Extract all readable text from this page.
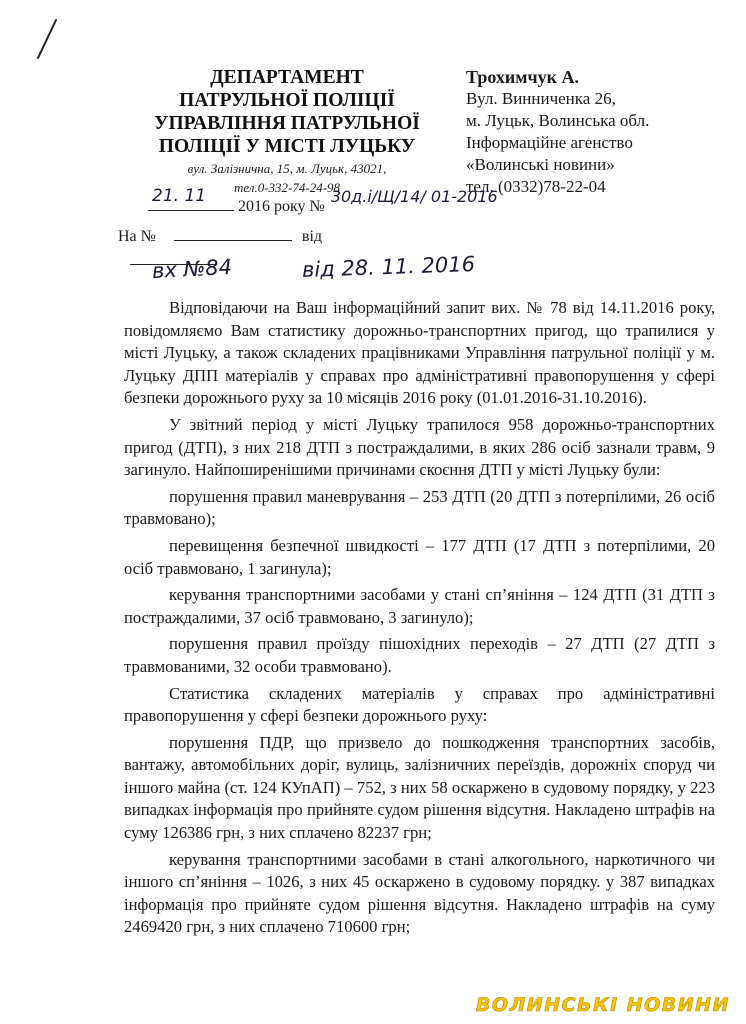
ДЕПАРТАМЕНТ
ПАТРУЛЬНОЇ ПОЛІЦІЇ
УПРАВЛІННЯ ПАТРУЛЬНОЇ
ПОЛІЦІЇ У МІСТІ ЛУЦЬКУ
вул. Залізнична, 15, м. Луцьк, 43021,
тел.0-332-74-24-98
Трохимчук А.
Вул. Винниченка 26,
м. Луцьк, Волинська обл.
Інформаційне агенство
«Волинські новини»
тел. (0332)78-22-04
21. 11
2016 року №
30д.і/Щ/14/ 01-2016
На №	від
вх №84	від 28. 11. 2016

Відповідаючи на Ваш інформаційний запит вих. № 78 від 14.11.2016 року, повідомляємо Вам статистику дорожньо-транспортних пригод, що трапилися у місті Луцьку, а також складених працівниками Управління патрульної поліції у м. Луцьку ДПП матеріалів у справах про адміністративні правопорушення у сфері безпеки дорожнього руху за 10 місяців 2016 року (01.01.2016-31.10.2016).

У звітний період у місті Луцьку трапилося 958 дорожньо-транспортних пригод (ДТП), з них 218 ДТП з постраждалими, в яких 286 осіб зазнали травм, 9 загинуло. Найпоширенішими причинами скоєння ДТП у місті Луцьку були:

порушення правил маневрування – 253 ДТП (20 ДТП з потерпілими, 26 осіб травмовано);

перевищення безпечної швидкості – 177 ДТП (17 ДТП з потерпілими, 20 осіб травмовано, 1 загинула);

керування транспортними засобами у стані сп’яніння – 124 ДТП (31 ДТП з постраждалими, 37 осіб травмовано, 3 загинуло);

порушення правил проїзду пішохідних переходів – 27 ДТП (27 ДТП з травмованими, 32 особи травмовано).

Статистика складених матеріалів у справах про адміністративні правопорушення у сфері безпеки дорожнього руху:

порушення ПДР, що призвело до пошкодження транспортних засобів, вантажу, автомобільних доріг, вулиць, залізничних переїздів, дорожніх споруд чи іншого майна (ст. 124 КУпАП) – 752, з них 58 оскаржено в судовому порядку, у 223 випадках інформація про прийняте судом рішення відсутня. Накладено штрафів на суму 126386 грн, з них сплачено 82237 грн;

керування транспортними засобами в стані алкогольного, наркотичного чи іншого сп’яніння – 1026, з них 45 оскаржено в судовому порядку. у 387 випадках інформація про прийняте судом рішення відсутня. Накладено штрафів на суму 2469420 грн, з них сплачено 710600 грн;

ВОЛИНСЬКІ НОВИНИ
